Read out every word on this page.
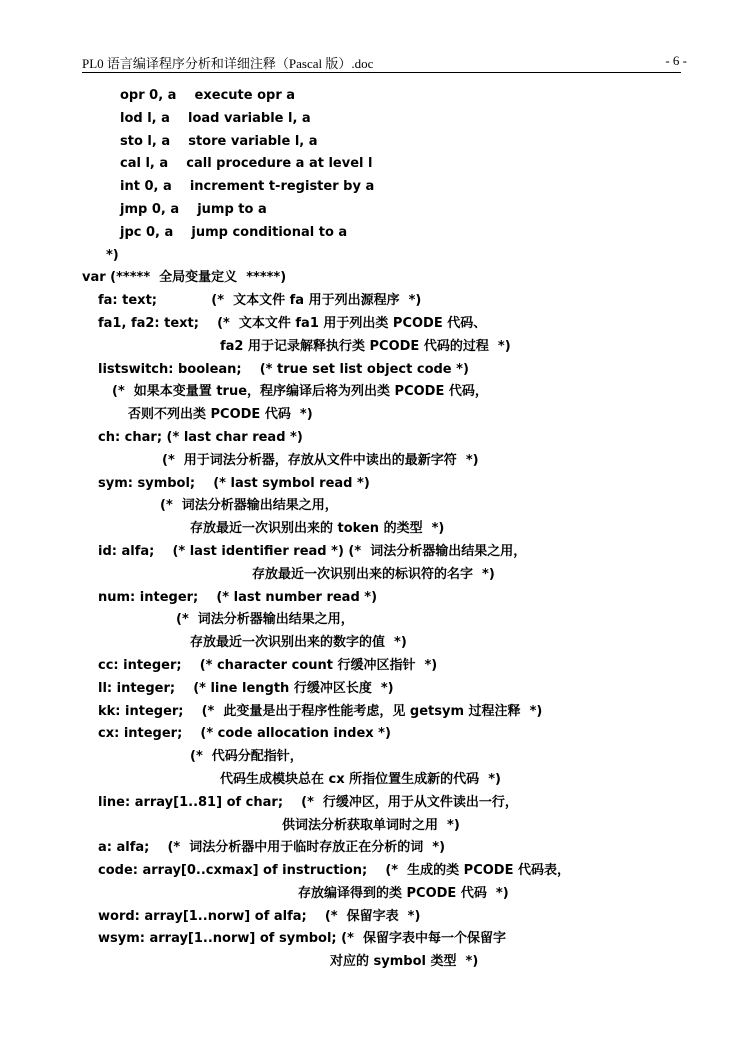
PL0 语言编译程序分析和详细注释（Pascal 版）.doc	- 6 -
opr 0, a    execute opr a
lod l, a    load variable l, a
sto l, a    store variable l, a
cal l, a    call procedure a at level l
int 0, a    increment t-register by a
jmp 0, a    jump to a
jpc 0, a    jump conditional to a
*)
var (*****  全局变量定义  *****)
fa: text;            (*  文本文件 fa 用于列出源程序  *)
fa1, fa2: text;    (*  文本文件 fa1 用于列出类 PCODE 代码、
fa2 用于记录解释执行类 PCODE 代码的过程  *)
listswitch: boolean;    (* true set list object code *)
(*  如果本变量置 true，程序编译后将为列出类 PCODE 代码，
否则不列出类 PCODE 代码  *)
ch: char; (* last char read *)
(*  用于词法分析器，存放从文件中读出的最新字符  *)
sym: symbol;    (* last symbol read *)
(*  词法分析器输出结果之用，
存放最近一次识别出来的 token 的类型  *)
id: alfa;    (* last identifier read *) (*  词法分析器输出结果之用，
存放最近一次识别出来的标识符的名字  *)
num: integer;    (* last number read *)
(*  词法分析器输出结果之用，
存放最近一次识别出来的数字的值  *)
cc: integer;    (* character count 行缓冲区指针  *)
ll: integer;    (* line length 行缓冲区长度  *)
kk: integer;    (*  此变量是出于程序性能考虑，见 getsym 过程注释  *)
cx: integer;    (* code allocation index *)
(*  代码分配指针，
代码生成模块总在 cx 所指位置生成新的代码  *)
line: array[1..81] of char;    (*  行缓冲区，用于从文件读出一行，
供词法分析获取单词时之用  *)
a: alfa;    (*  词法分析器中用于临时存放正在分析的词  *)
code: array[0..cxmax] of instruction;    (*  生成的类 PCODE 代码表，
存放编译得到的类 PCODE 代码  *)
word: array[1..norw] of alfa;    (*  保留字表  *)
wsym: array[1..norw] of symbol; (*  保留字表中每一个保留字
对应的 symbol 类型  *)
